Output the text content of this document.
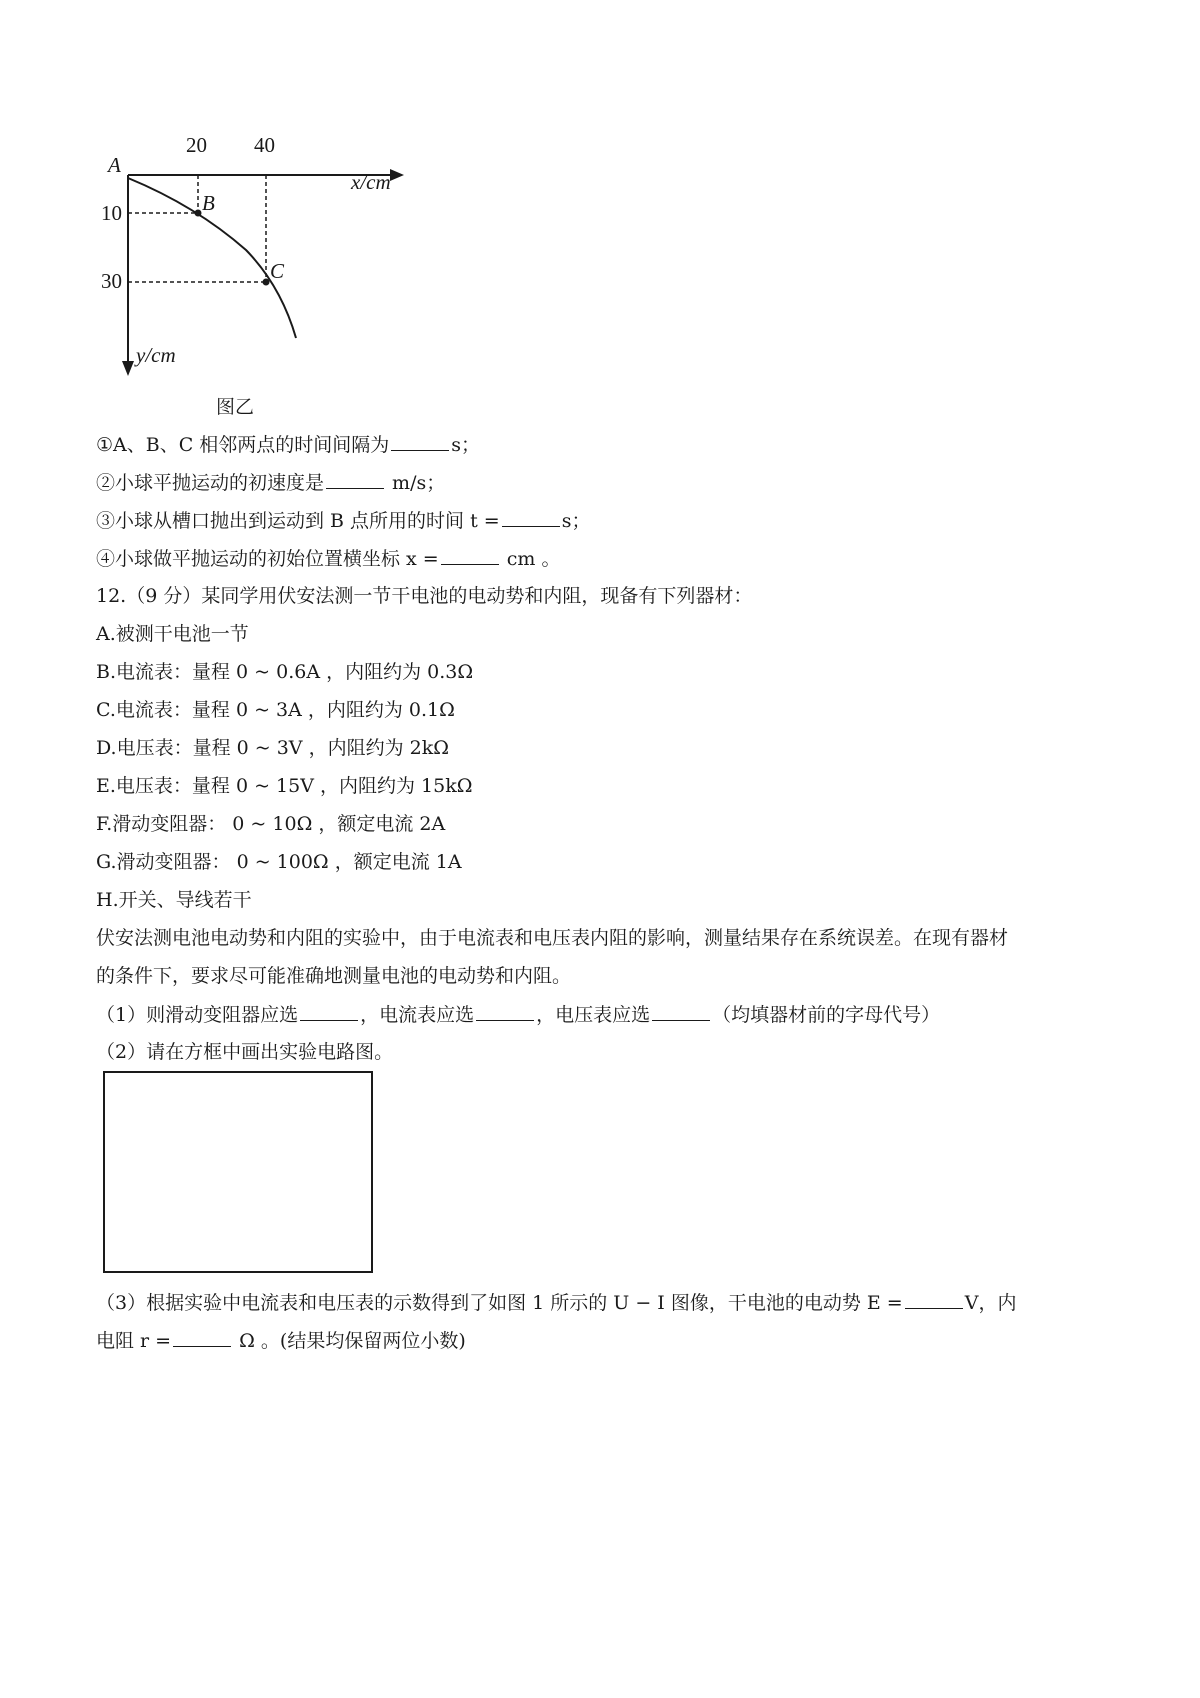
20 40
x/cm
10
30
y/cm
A
B
C
图乙
①A、B、C 相邻两点的时间间隔为	s；
②小球平抛运动的初速度是	m/s；
③小球从槽口抛出到运动到 B 点所用的时间 t =	s；
④小球做平抛运动的初始位置横坐标 x =	cm 。
12.（9 分）某同学用伏安法测一节干电池的电动势和内阻，现备有下列器材：
A.被测干电池一节
B.电流表：量程 0 ~ 0.6A ，内阻约为 0.3Ω
C.电流表：量程 0 ~ 3A ，内阻约为 0.1Ω
D.电压表：量程 0 ~ 3V ，内阻约为 2kΩ
E.电压表：量程 0 ~ 15V ，内阻约为 15kΩ
F.滑动变阻器： 0 ~ 10Ω ，额定电流 2A
G.滑动变阻器： 0 ~ 100Ω ，额定电流 1A
H.开关、导线若干
伏安法测电池电动势和内阻的实验中，由于电流表和电压表内阻的影响，测量结果存在系统误差。在现有器材
的条件下，要求尽可能准确地测量电池的电动势和内阻。
（1）则滑动变阻器应选	，电流表应选	，电压表应选	（均填器材前的字母代号）
（2）请在方框中画出实验电路图。
（3）根据实验中电流表和电压表的示数得到了如图 1 所示的 U − I 图像，干电池的电动势 E =	V，内
电阻 r =	Ω 。(结果均保留两位小数)
